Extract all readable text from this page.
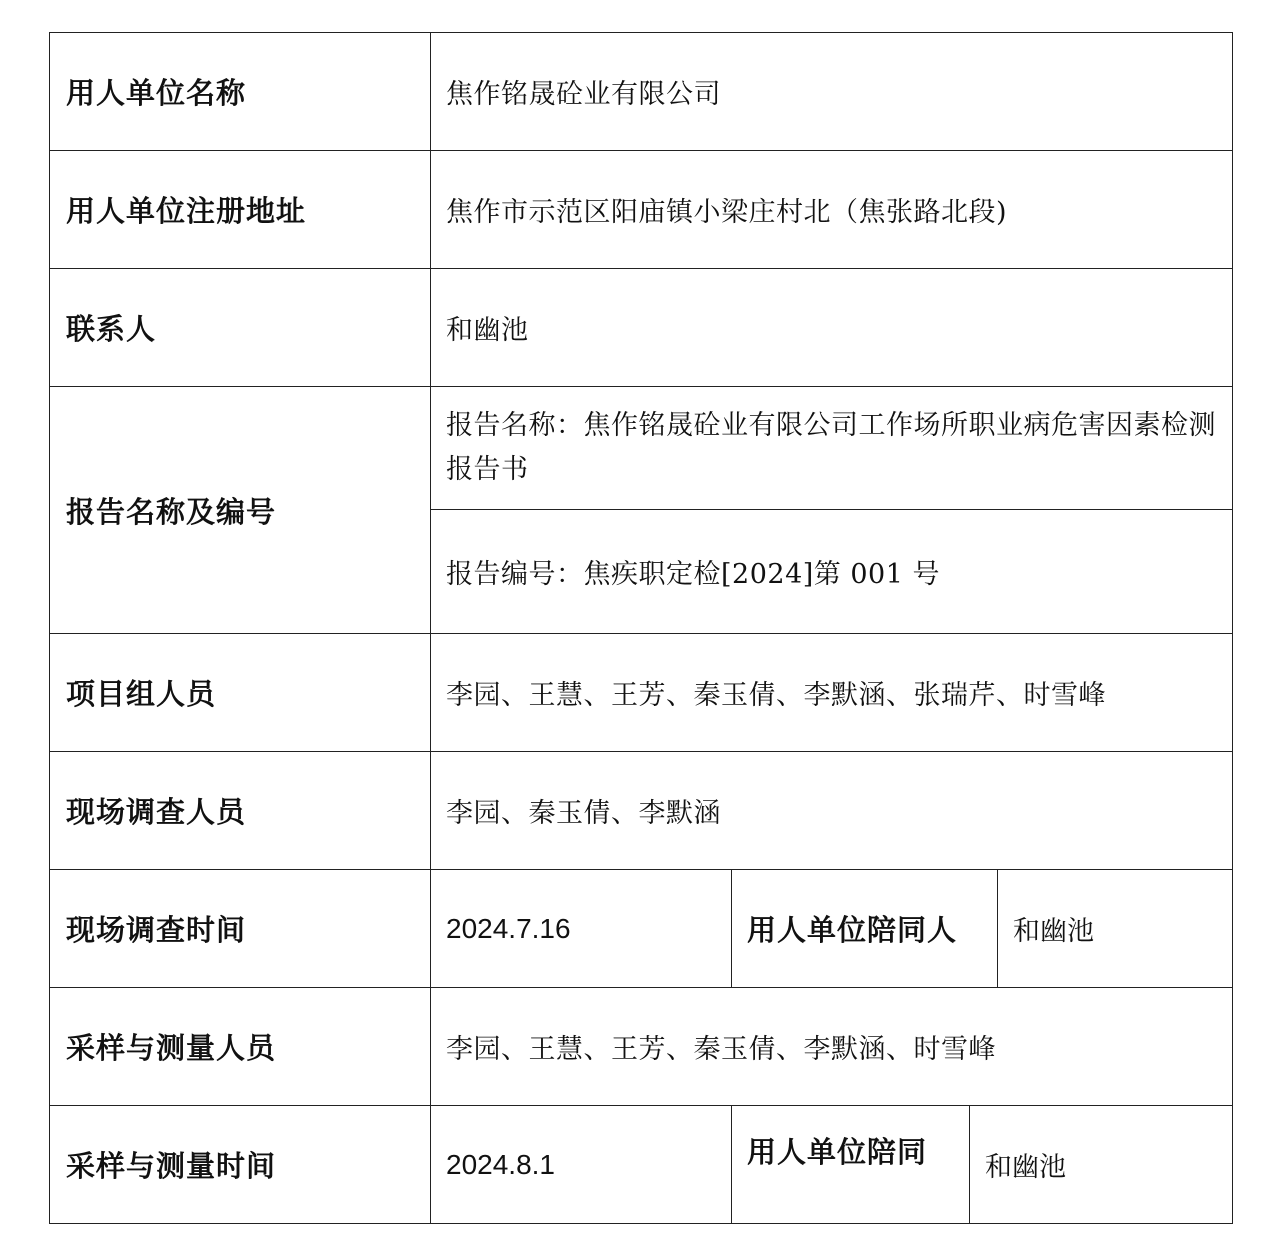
用人单位名称	焦作铭晟砼业有限公司
用人单位注册地址	焦作市示范区阳庙镇小梁庄村北（焦张路北段)
联系人	和幽池
报告名称及编号
报告名称：焦作铭晟砼业有限公司工作场所职业病危害因素检测报告书
报告编号：焦疾职定检[2024]第 001 号
项目组人员	李园、王慧、王芳、秦玉倩、李默涵、张瑞芹、时雪峰
现场调查人员	李园、秦玉倩、李默涵
现场调查时间	2024.7.16	用人单位陪同人	和幽池
采样与测量人员	李园、王慧、王芳、秦玉倩、李默涵、时雪峰
采样与测量时间	2024.8.1	用人单位陪同	和幽池
